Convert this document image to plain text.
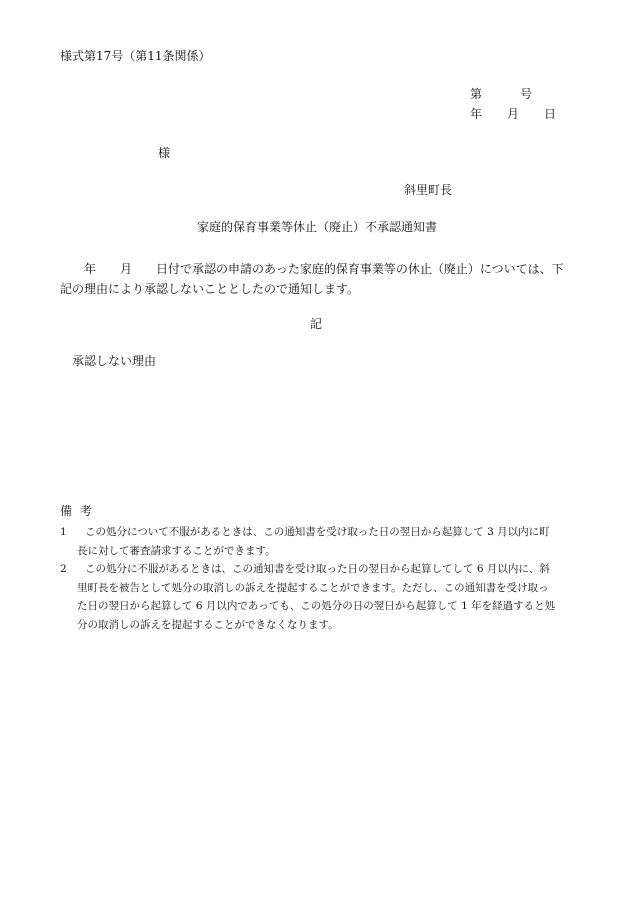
様式第17号（第11条関係）
第	号
年 月 日
様
斜里町長
家庭的保育事業等休止（廃止）不承認通知書
年 月 日付で承認の申請のあった家庭的保育事業等の休止（廃止）については、下
記の理由により承認しないこととしたので通知します。
記
承認しない理由
備考
1	この処分について不服があるときは、この通知書を受け取った日の翌日から起算して 3 月以内に町
長に対して審査請求することができます。
2	この処分に不服があるときは、この通知書を受け取った日の翌日から起算してして 6 月以内に、斜
里町長を被告として処分の取消しの訴えを提起することができます。ただし、この通知書を受け取っ
た日の翌日から起算して 6 月以内であっても、この処分の日の翌日から起算して 1 年を経過すると処
分の取消しの訴えを提起することができなくなります。
